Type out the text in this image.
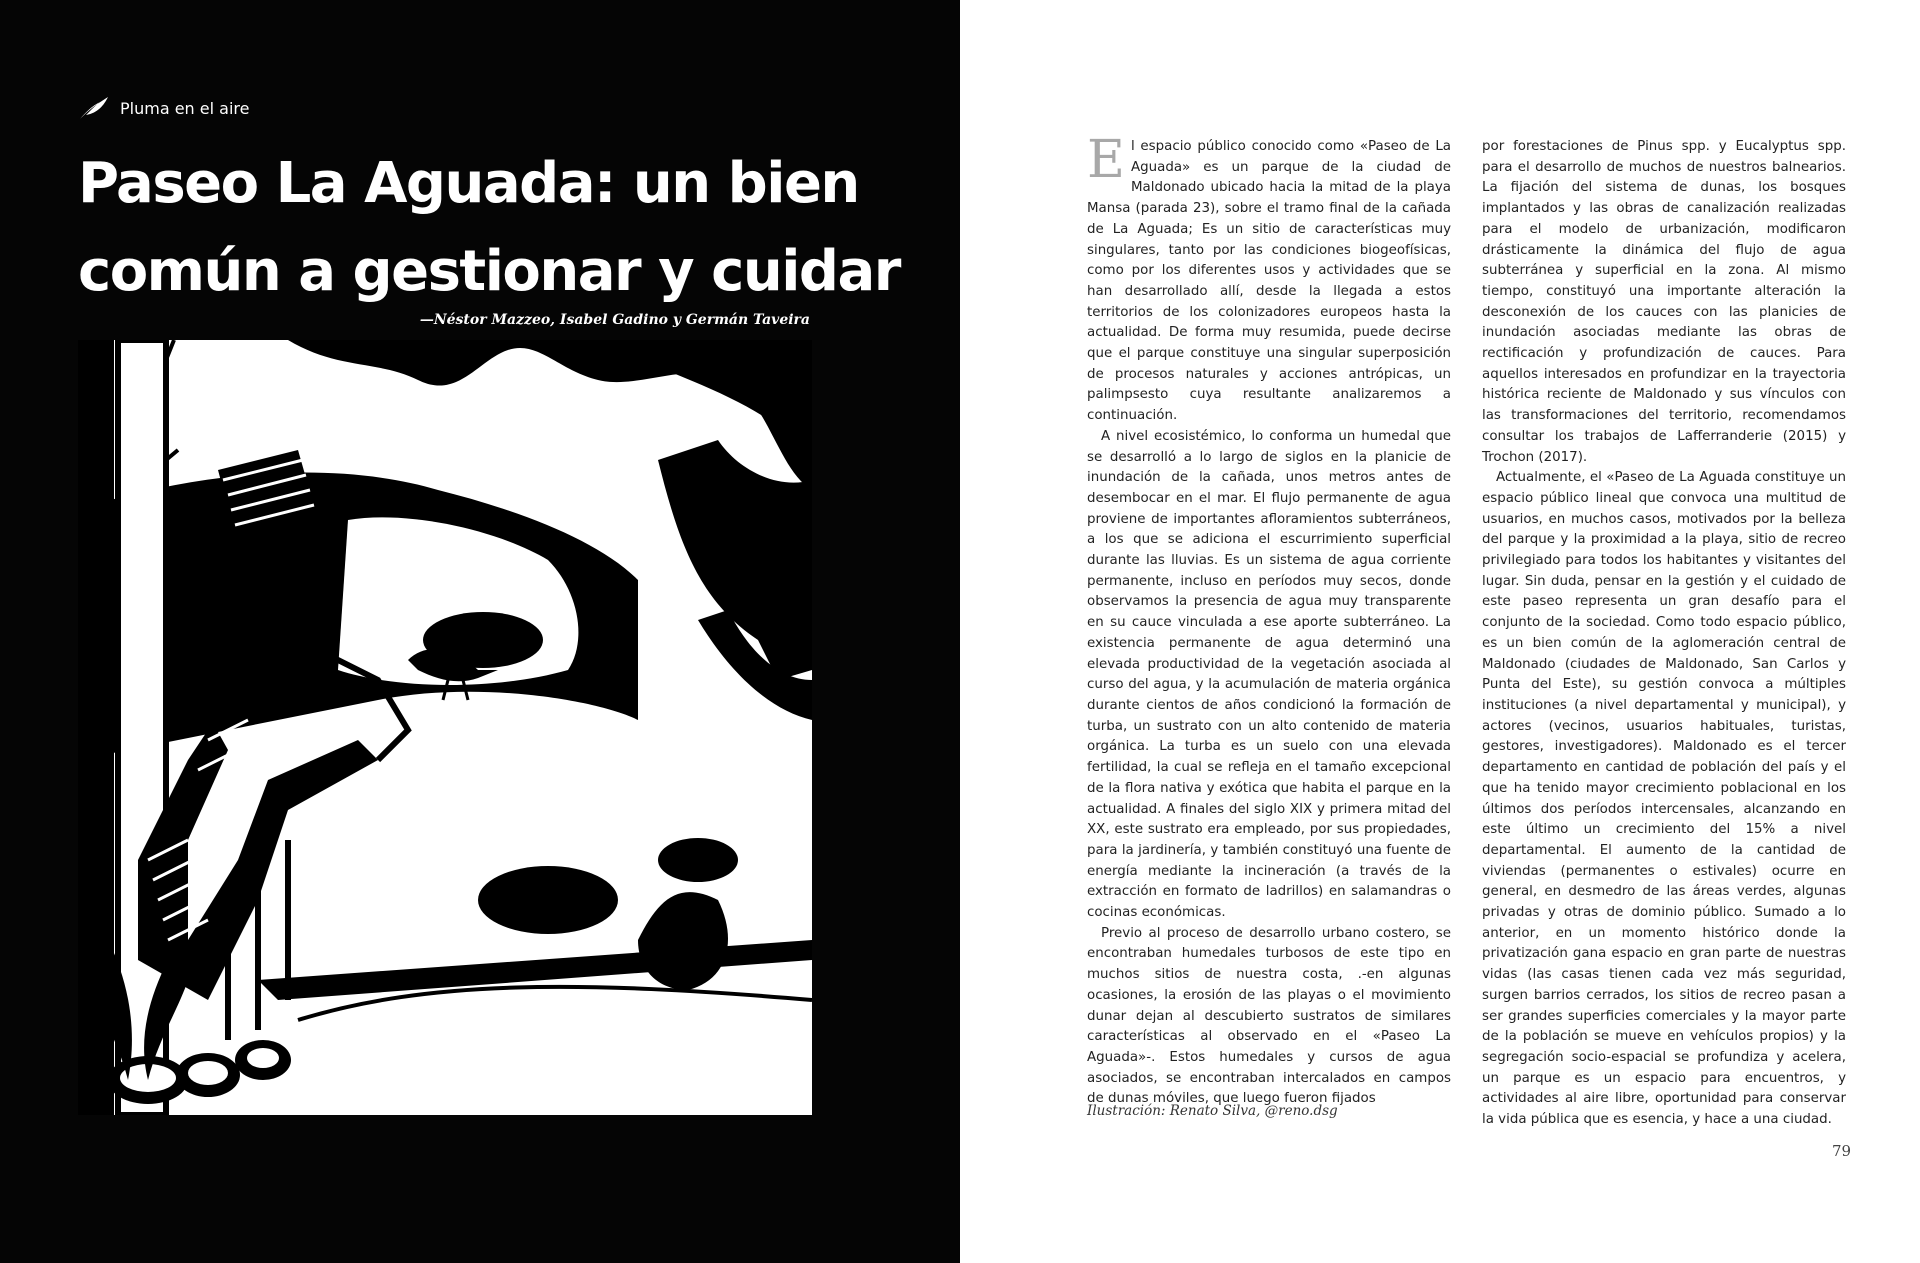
Pluma en el aire
Paseo La Aguada: un bien
común a gestionar y cuidar
—Néstor Mazzeo, Isabel Gadino y Germán Taveira

El espacio público conocido como «Paseo de La Aguada» es un parque de la ciudad de Maldonado ubicado hacia la mitad de la playa Mansa (parada 23), sobre el tramo final de la cañada de La Aguada; Es un sitio de características muy singulares, tanto por las condiciones biogeofísicas, como por los diferentes usos y actividades que se han desarrollado allí, desde la llegada a estos territorios de los colonizadores europeos hasta la actualidad. De forma muy resumida, puede decirse que el parque constituye una singular superposición de procesos naturales y acciones antrópicas, un palimpsesto cuya resultante analizaremos a continuación.

A nivel ecosistémico, lo conforma un humedal que se desarrolló a lo largo de siglos en la planicie de inundación de la cañada, unos metros antes de desembocar en el mar. El flujo permanente de agua proviene de importantes afloramientos subterráneos, a los que se adiciona el escurrimiento superficial durante las lluvias. Es un sistema de agua corriente permanente, incluso en períodos muy secos, donde observamos la presencia de agua muy transparente en su cauce vinculada a ese aporte subterráneo. La existencia permanente de agua determinó una elevada productividad de la vegetación asociada al curso del agua, y la acumulación de materia orgánica durante cientos de años condicionó la formación de turba, un sustrato con un alto contenido de materia orgánica. La turba es un suelo con una elevada fertilidad, la cual se refleja en el tamaño excepcional de la flora nativa y exótica que habita el parque en la actualidad. A finales del siglo XIX y primera mitad del XX, este sustrato era empleado, por sus propiedades, para la jardinería, y también constituyó una fuente de energía mediante la incineración (a través de la extracción en formato de ladrillos) en salamandras o cocinas económicas.

Previo al proceso de desarrollo urbano costero, se encontraban humedales turbosos de este tipo en muchos sitios de nuestra costa, .-en algunas ocasiones, la erosión de las playas o el movimiento dunar dejan al descubierto sustratos de similares características al observado en el «Paseo La Aguada»-. Estos humedales y cursos de agua asociados, se encontraban intercalados en campos de dunas móviles, que luego fueron fijados

por forestaciones de Pinus spp. y Eucalyptus spp. para el desarrollo de muchos de nuestros balnearios. La fijación del sistema de dunas, los bosques implantados y las obras de canalización realizadas para el modelo de urbanización, modificaron drásticamente la dinámica del flujo de agua subterránea y superficial en la zona. Al mismo tiempo, constituyó una importante alteración la desconexión de los cauces con las planicies de inundación asociadas mediante las obras de rectificación y profundización de cauces. Para aquellos interesados en profundizar en la trayectoria histórica reciente de Maldonado y sus vínculos con las transformaciones del territorio, recomendamos consultar los trabajos de Lafferranderie (2015) y Trochon (2017).

Actualmente, el «Paseo de La Aguada constituye un espacio público lineal que convoca una multitud de usuarios, en muchos casos, motivados por la belleza del parque y la proximidad a la playa, sitio de recreo privilegiado para todos los habitantes y visitantes del lugar. Sin duda, pensar en la gestión y el cuidado de este paseo representa un gran desafío para el conjunto de la sociedad. Como todo espacio público, es un bien común de la aglomeración central de Maldonado (ciudades de Maldonado, San Carlos y Punta del Este), su gestión convoca a múltiples instituciones (a nivel departamental y municipal), y actores (vecinos, usuarios habituales, turistas, gestores, investigadores). Maldonado es el tercer departamento en cantidad de población del país y el que ha tenido mayor crecimiento poblacional en los últimos dos períodos intercensales, alcanzando en este último un crecimiento del 15% a nivel departamental. El aumento de la cantidad de viviendas (permanentes o estivales) ocurre en general, en desmedro de las áreas verdes, algunas privadas y otras de dominio público. Sumado a lo anterior, en un momento histórico donde la privatización gana espacio en gran parte de nuestras vidas (las casas tienen cada vez más seguridad, surgen barrios cerrados, los sitios de recreo pasan a ser grandes superficies comerciales y la mayor parte de la población se mueve en vehículos propios) y la segregación socio-espacial se profundiza y acelera, un parque es un espacio para encuentros, y actividades al aire libre, oportunidad para conservar la vida pública que es esencia, y hace a una ciudad.

Ilustración: Renato Silva, @reno.dsg
79
